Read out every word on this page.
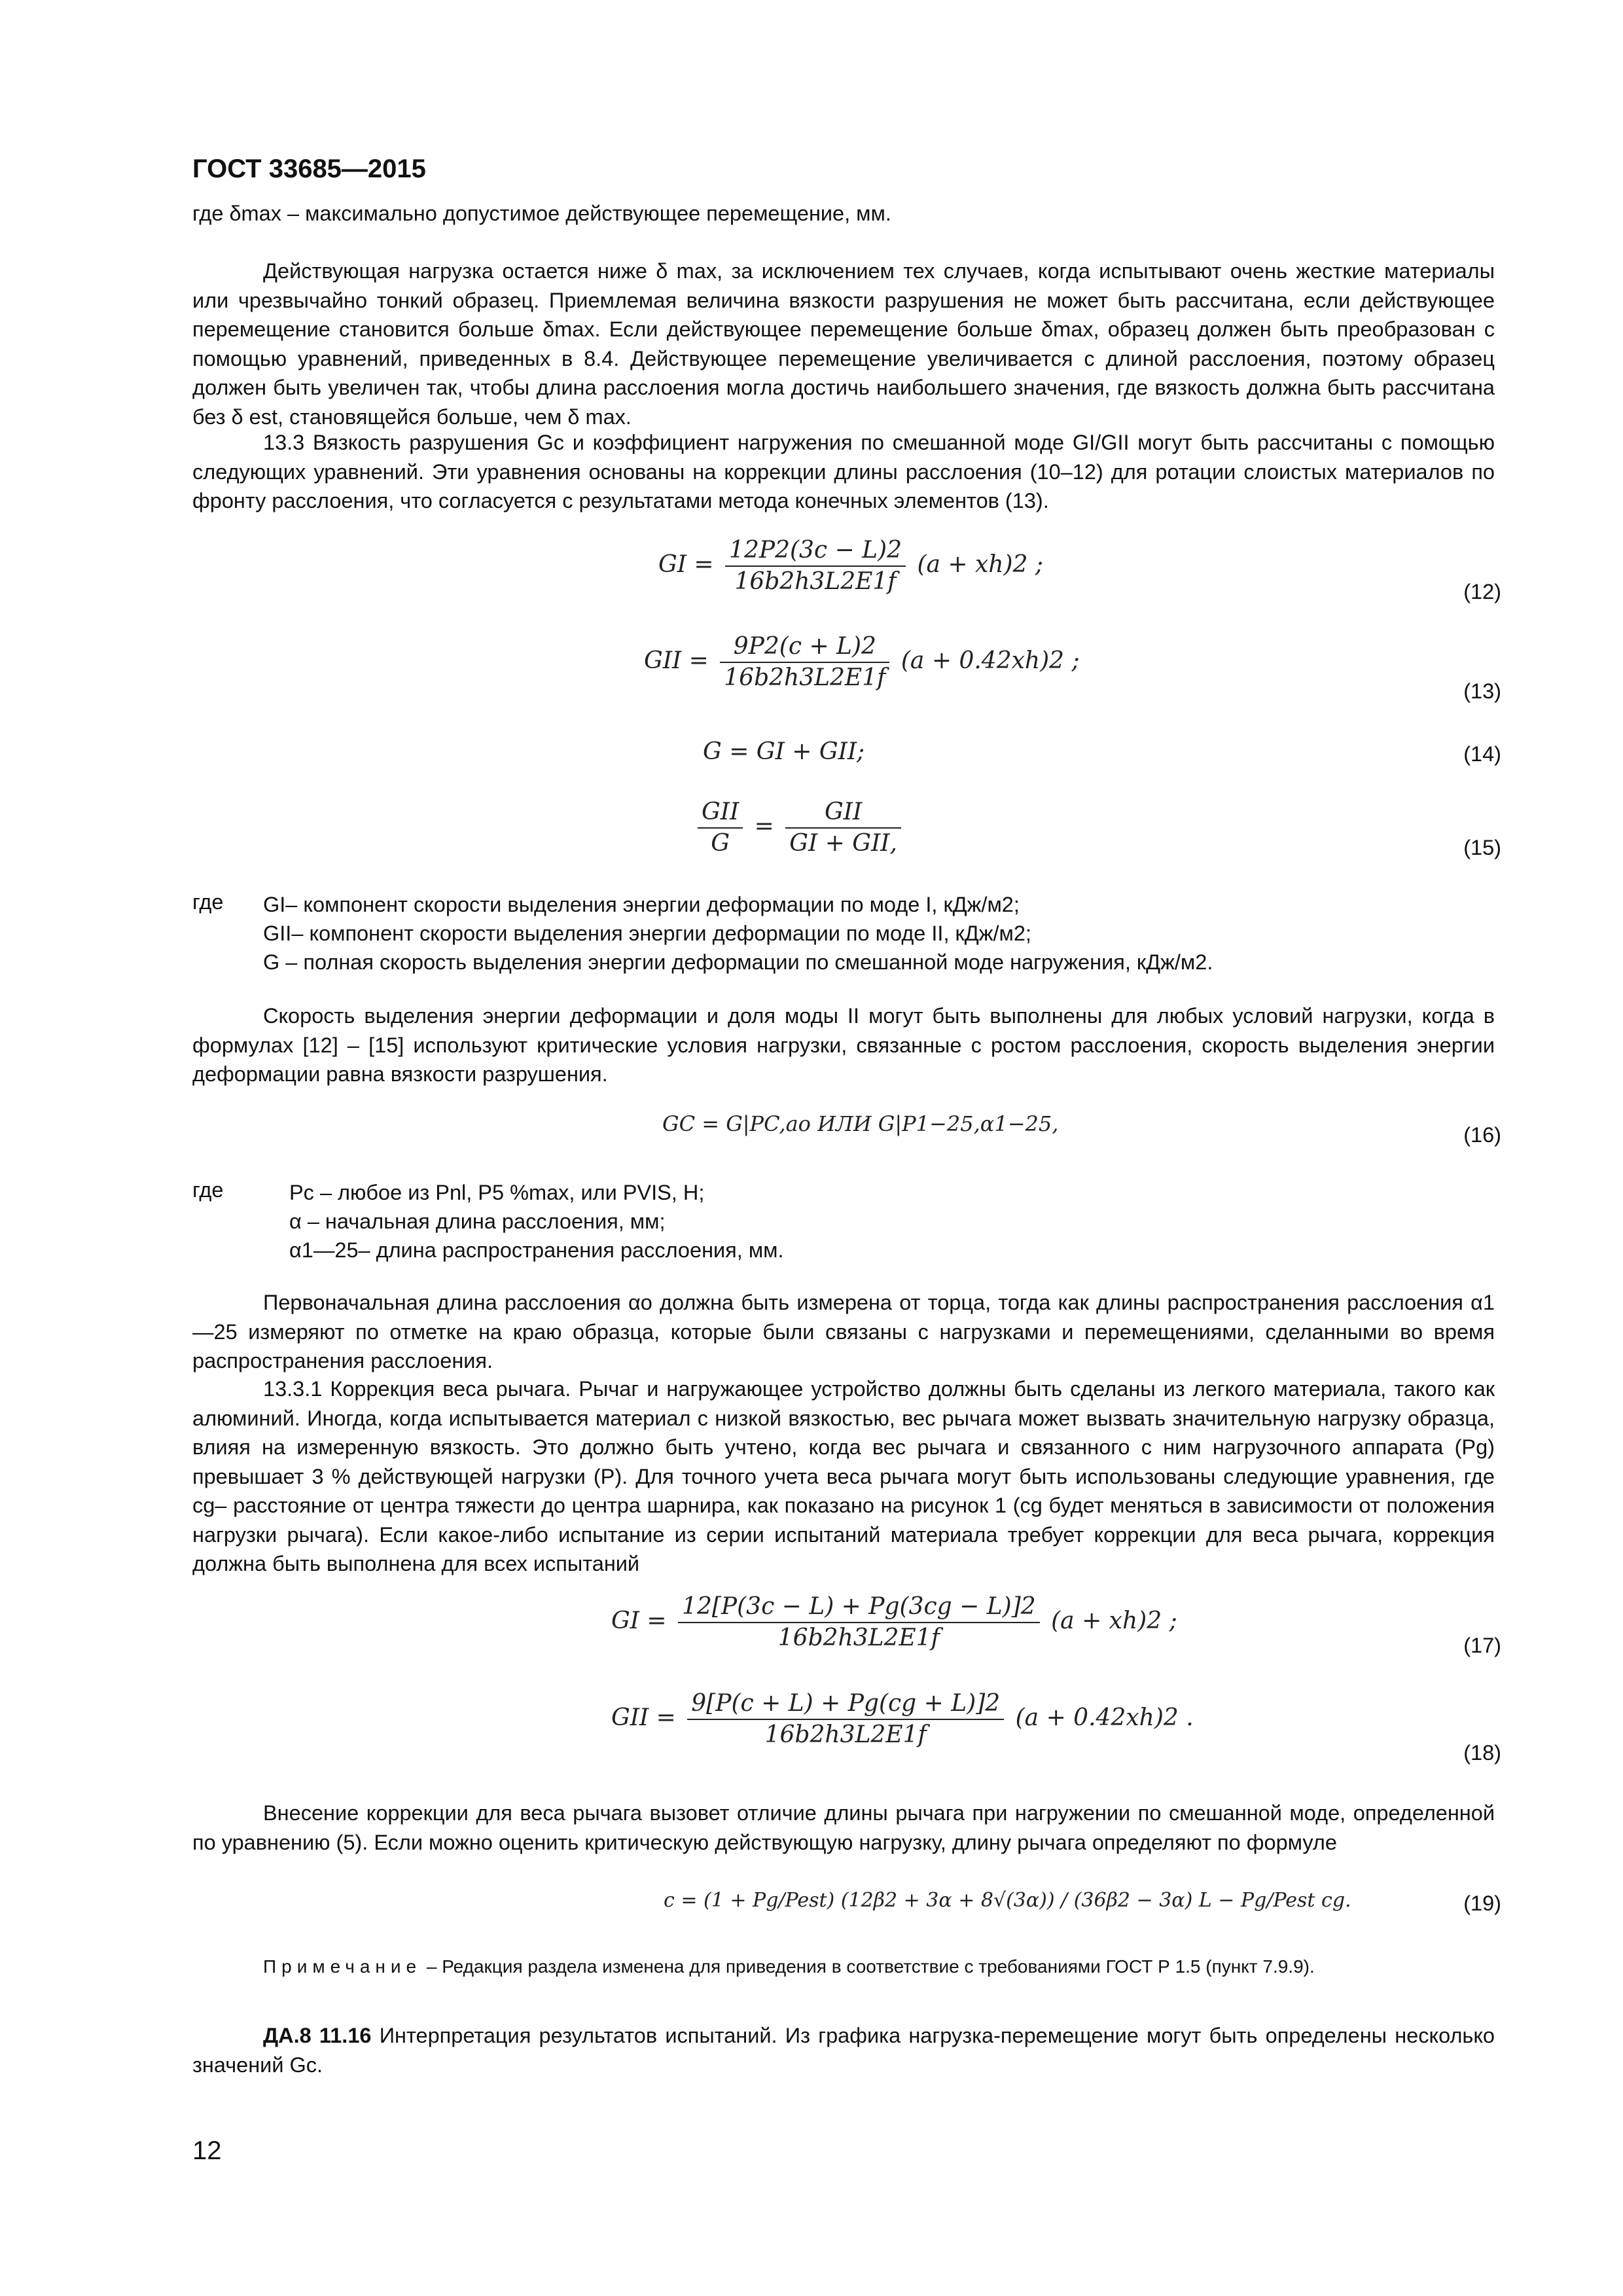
ГОСТ 33685—2015

где δmax – максимально допустимое действующее перемещение, мм.

Действующая нагрузка остается ниже δ max, за исключением тех случаев, когда испытывают очень жесткие материалы или чрезвычайно тонкий образец. Приемлемая величина вязкости разрушения не может быть рассчитана, если действующее перемещение становится больше δmax. Если действующее перемещение больше δmax, образец должен быть преобразован с помощью уравнений, приведенных в 8.4. Действующее перемещение увеличивается с длиной расслоения, поэтому образец должен быть увеличен так, чтобы длина расслоения могла достичь наибольшего значения, где вязкость должна быть рассчитана без δ est, становящейся больше, чем δ max.

13.3 Вязкость разрушения Gc и коэффициент нагружения по смешанной моде GI/GII могут быть рассчитаны с помощью следующих уравнений. Эти уравнения основаны на коррекции длины расслоения (10–12) для ротации слоистых материалов по фронту расслоения, что согласуется с результатами метода конечных элементов (13).

GI = $\frac{12P2(3c - L)2}{16b2h3L2E1f} (a + xh)2$ ;
(12)
GII = $\frac{9P2(c + L)2}{16b2h3L2E1f} (a + 0.42xh)2$ ;
(13)
G = GI + GII;	(14)
$\frac{\text{GII}}{G} = \frac{\text{GII}}{\text{GI + GII,}}$	(15)
где GI– компонент скорости выделения энергии деформации по моде I, кДж/м2;
GII– компонент скорости выделения энергии деформации по моде II, кДж/м2;
G – полная скорость выделения энергии деформации по смешанной моде нагружения, кДж/м2.

Скорость выделения энергии деформации и доля моды II могут быть выполнены для любых условий нагрузки, когда в формулах [12] – [15] используют критические условия нагрузки, связанные с ростом расслоения, скорость выделения энергии деформации равна вязкости разрушения.

GC = G|PC,ao ИЛИ G|P1−25,α1−25,	(16)
где	Pc – любое из Pnl, P5 %max, или PVIS, Н;
α – начальная длина расслоения, мм;
α1—25– длина распространения расслоения, мм.

Первоначальная длина расслоения αo должна быть измерена от торца, тогда как длины распространения расслоения α1—25 измеряют по отметке на краю образца, которые были связаны с нагрузками и перемещениями, сделанными во время распространения расслоения.

13.3.1 Коррекция веса рычага. Рычаг и нагружающее устройство должны быть сделаны из легкого материала, такого как алюминий. Иногда, когда испытывается материал с низкой вязкостью, вес рычага может вызвать значительную нагрузку образца, влияя на измеренную вязкость. Это должно быть учтено, когда вес рычага и связанного с ним нагрузочного аппарата (Pg) превышает 3 % действующей нагрузки (P). Для точного учета веса рычага могут быть использованы следующие уравнения, где cg– расстояние от центра тяжести до центра шарнира, как показано на рисунок 1 (cg будет меняться в зависимости от положения нагрузки рычага). Если какое-либо испытание из серии испытаний материала требует коррекции для веса рычага, коррекция должна быть выполнена для всех испытаний

GI = $\frac{12[P(3c - L) + Pg(3cg - L)]2}{16b2h3L2E1f} (a + xh)2$ ;
(17)
GII = $\frac{9[P(c + L) + Pg(cg + L)]2}{16b2h3L2E1f} (a + 0.42xh)2$ .
(18)

Внесение коррекции для веса рычага вызовет отличие длины рычага при нагружении по смешанной моде, определенной по уравнению (5). Если можно оценить критическую действующую нагрузку, длину рычага определяют по формуле

c = (1 + Pg/Pest) (12β2 + 3α + 8√(3α)) / (36β2 − 3α) L − Pg/Pest cg.	(19)
Примечание – Редакция раздела изменена для приведения в соответствие с требованиями ГОСТ Р 1.5 (пункт 7.9.9).

ДА.8 11.16 Интерпретация результатов испытаний. Из графика нагрузка-перемещение могут быть определены несколько значений Gc.

12
